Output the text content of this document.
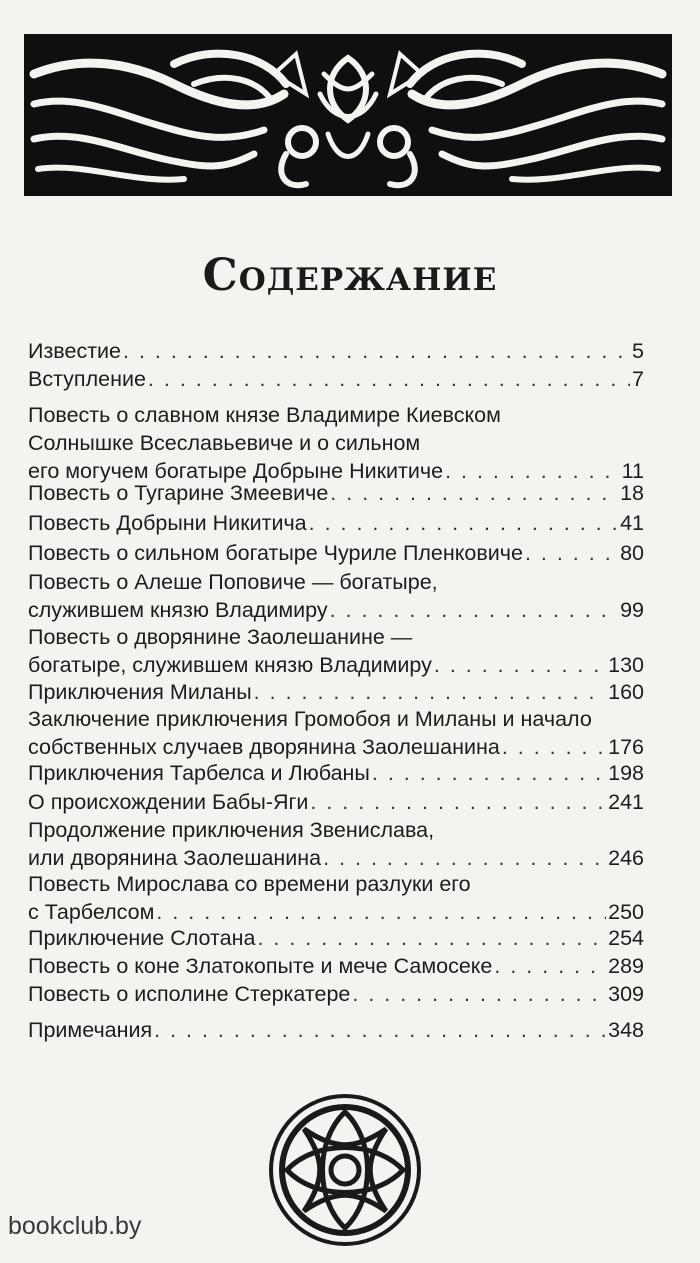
Содержание
Известие . . .	5
Вступление . . .	7
Повесть о славном князе Владимире Киевском
Солнышке Всеславьевиче и о сильном
его могучем богатыре Добрыне Никитиче . . .	11
Повесть о Тугарине Змеевиче . . .	18
Повесть Добрыни Никитича . . .	41
Повесть о сильном богатыре Чуриле Пленковиче . . .	80
Повесть о Алеше Поповиче — богатыре,
служившем князю Владимиру . . .	99
Повесть о дворянине Заолешанине —
богатыре, служившем князю Владимиру . . .	130
Приключения Миланы . . .	160
Заключение приключения Громобоя и Миланы и начало
собственных случаев дворянина Заолешанина . . .	176
Приключения Тарбелса и Любаны . . .	198
О происхождении Бабы-Яги . . .	241
Продолжение приключения Звенислава,
или дворянина Заолешанина . . .	246
Повесть Мирослава со времени разлуки его
с Тарбелсом . . .	250
Приключение Слотана . . .	254
Повесть о коне Златокопыте и мече Самосеке . . .	289
Повесть о исполине Стеркатере . . .	309
Примечания . . .	348
bookclub.by
